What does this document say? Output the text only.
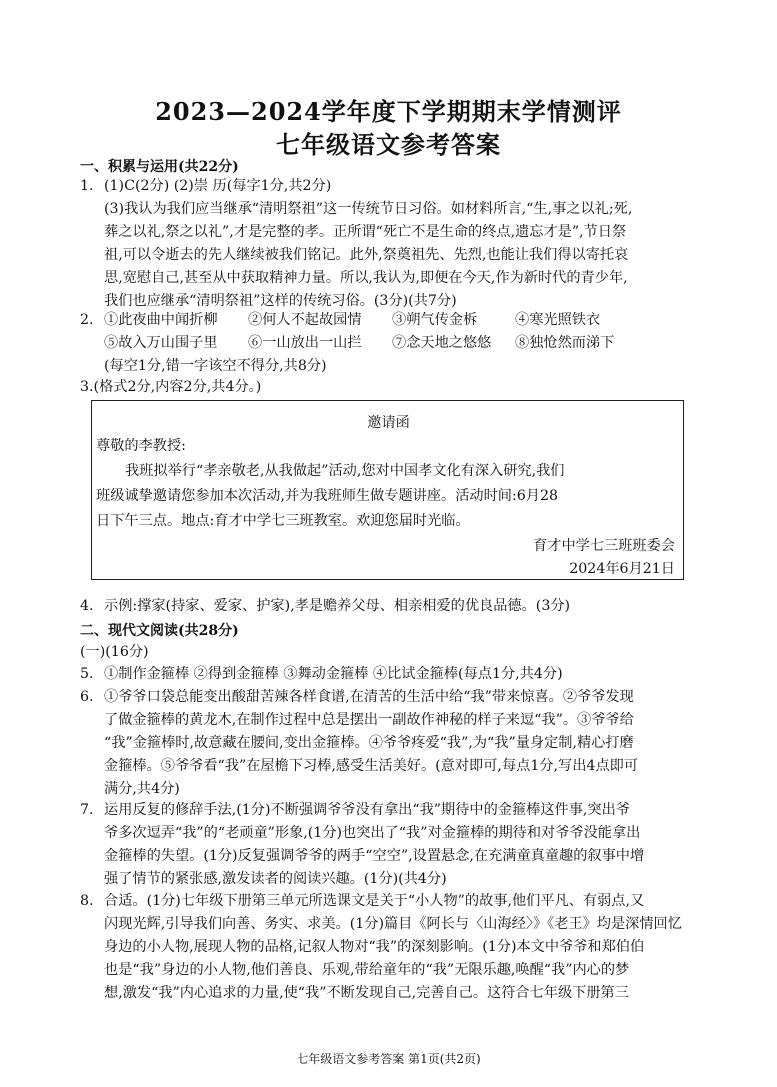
2023—2024学年度下学期期末学情测评
七年级语文参考答案
一、积累与运用(共22分)
1. (1)C(2分) (2)崇 历(每字1分,共2分)
(3)我认为我们应当继承“清明祭祖”这一传统节日习俗。如材料所言,“生,事之以礼;死,
葬之以礼,祭之以礼”,才是完整的孝。正所谓“死亡不是生命的终点,遗忘才是”,节日祭
祖,可以令逝去的先人继续被我们铭记。此外,祭奠祖先、先烈,也能让我们得以寄托哀
思,宽慰自己,甚至从中获取精神力量。所以,我认为,即便在今天,作为新时代的青少年,
我们也应继承“清明祭祖”这样的传统习俗。(3分)(共7分)
2. ①此夜曲中闻折柳 ②何人不起故园情 ③朔气传金柝	④寒光照铁衣
⑤故入万山围子里 ⑥一山放出一山拦 ⑦念天地之悠悠 ⑧独怆然而涕下
(每空1分,错一字该空不得分,共8分)
3.(格式2分,内容2分,共4分。)
邀请函
尊敬的李教授:
我班拟举行“孝亲敬老,从我做起”活动,您对中国孝文化有深入研究,我们
班级诚挚邀请您参加本次活动,并为我班师生做专题讲座。活动时间:6月28
日下午三点。地点:育才中学七三班教室。欢迎您届时光临。
育才中学七三班班委会
2024年6月21日
4. 示例:撑家(持家、爱家、护家),孝是赡养父母、相亲相爱的优良品德。(3分)
二、现代文阅读(共28分)
(一)(16分)
5. ①制作金箍棒 ②得到金箍棒 ③舞动金箍棒 ④比试金箍棒(每点1分,共4分)
6. ①爷爷口袋总能变出酸甜苦辣各样食谱,在清苦的生活中给“我”带来惊喜。②爷爷发现
了做金箍棒的黄龙木,在制作过程中总是摆出一副故作神秘的样子来逗“我”。③爷爷给
“我”金箍棒时,故意藏在腰间,变出金箍棒。④爷爷疼爱“我”,为“我”量身定制,精心打磨
金箍棒。⑤爷爷看“我”在屋檐下习棒,感受生活美好。(意对即可,每点1分,写出4点即可
满分,共4分)
7. 运用反复的修辞手法,(1分)不断强调爷爷没有拿出“我”期待中的金箍棒这件事,突出爷
爷多次逗弄“我”的“老顽童”形象,(1分)也突出了“我”对金箍棒的期待和对爷爷没能拿出
金箍棒的失望。(1分)反复强调爷爷的两手“空空”,设置悬念,在充满童真童趣的叙事中增
强了情节的紧张感,激发读者的阅读兴趣。(1分)(共4分)
8. 合适。(1分)七年级下册第三单元所选课文是关于“小人物”的故事,他们平凡、有弱点,又
闪现光辉,引导我们向善、务实、求美。(1分)篇目《阿长与〈山海经〉》《老王》均是深情回忆
身边的小人物,展现人物的品格,记叙人物对“我”的深刻影响。(1分)本文中爷爷和郑伯伯
也是“我”身边的小人物,他们善良、乐观,带给童年的“我”无限乐趣,唤醒“我”内心的梦
想,激发“我”内心追求的力量,使“我”不断发现自己,完善自己。这符合七年级下册第三
七年级语文参考答案 第1页(共2页)
